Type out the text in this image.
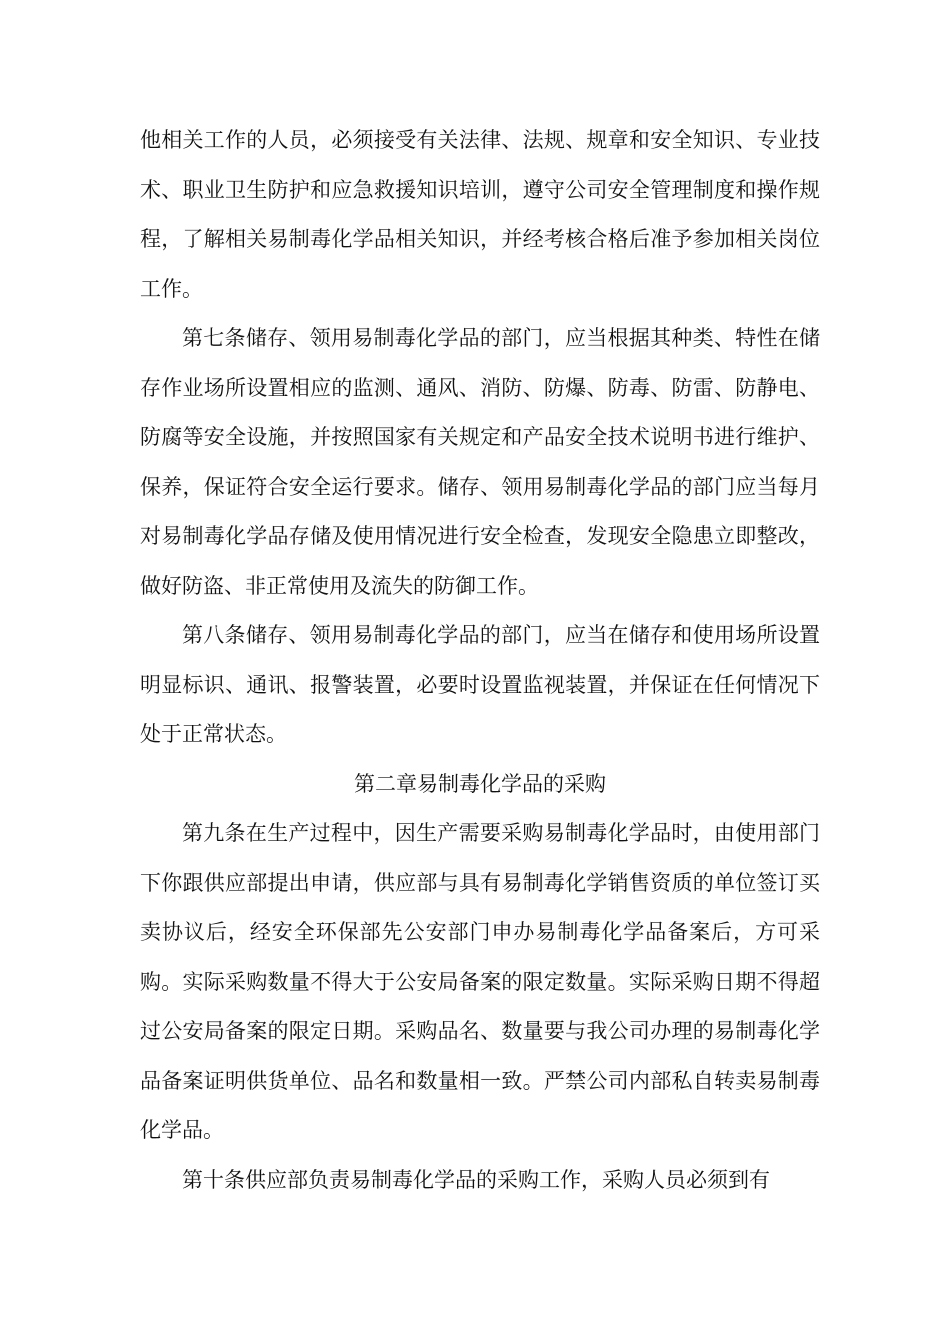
他相关工作的人员，必须接受有关法律、法规、规章和安全知识、专业技术、职业卫生防护和应急救援知识培训，遵守公司安全管理制度和操作规程，了解相关易制毒化学品相关知识，并经考核合格后准予参加相关岗位工作。

第七条储存、领用易制毒化学品的部门，应当根据其种类、特性在储存作业场所设置相应的监测、通风、消防、防爆、防毒、防雷、防静电、防腐等安全设施，并按照国家有关规定和产品安全技术说明书进行维护、保养，保证符合安全运行要求。储存、领用易制毒化学品的部门应当每月对易制毒化学品存储及使用情况进行安全检查，发现安全隐患立即整改，做好防盗、非正常使用及流失的防御工作。

第八条储存、领用易制毒化学品的部门，应当在储存和使用场所设置明显标识、通讯、报警装置，必要时设置监视装置，并保证在任何情况下处于正常状态。

第二章易制毒化学品的采购

第九条在生产过程中，因生产需要采购易制毒化学品时，由使用部门下你跟供应部提出申请，供应部与具有易制毒化学销售资质的单位签订买卖协议后，经安全环保部先公安部门申办易制毒化学品备案后，方可采购。实际采购数量不得大于公安局备案的限定数量。实际采购日期不得超过公安局备案的限定日期。采购品名、数量要与我公司办理的易制毒化学品备案证明供货单位、品名和数量相一致。严禁公司内部私自转卖易制毒化学品。

第十条供应部负责易制毒化学品的采购工作，采购人员必须到有
